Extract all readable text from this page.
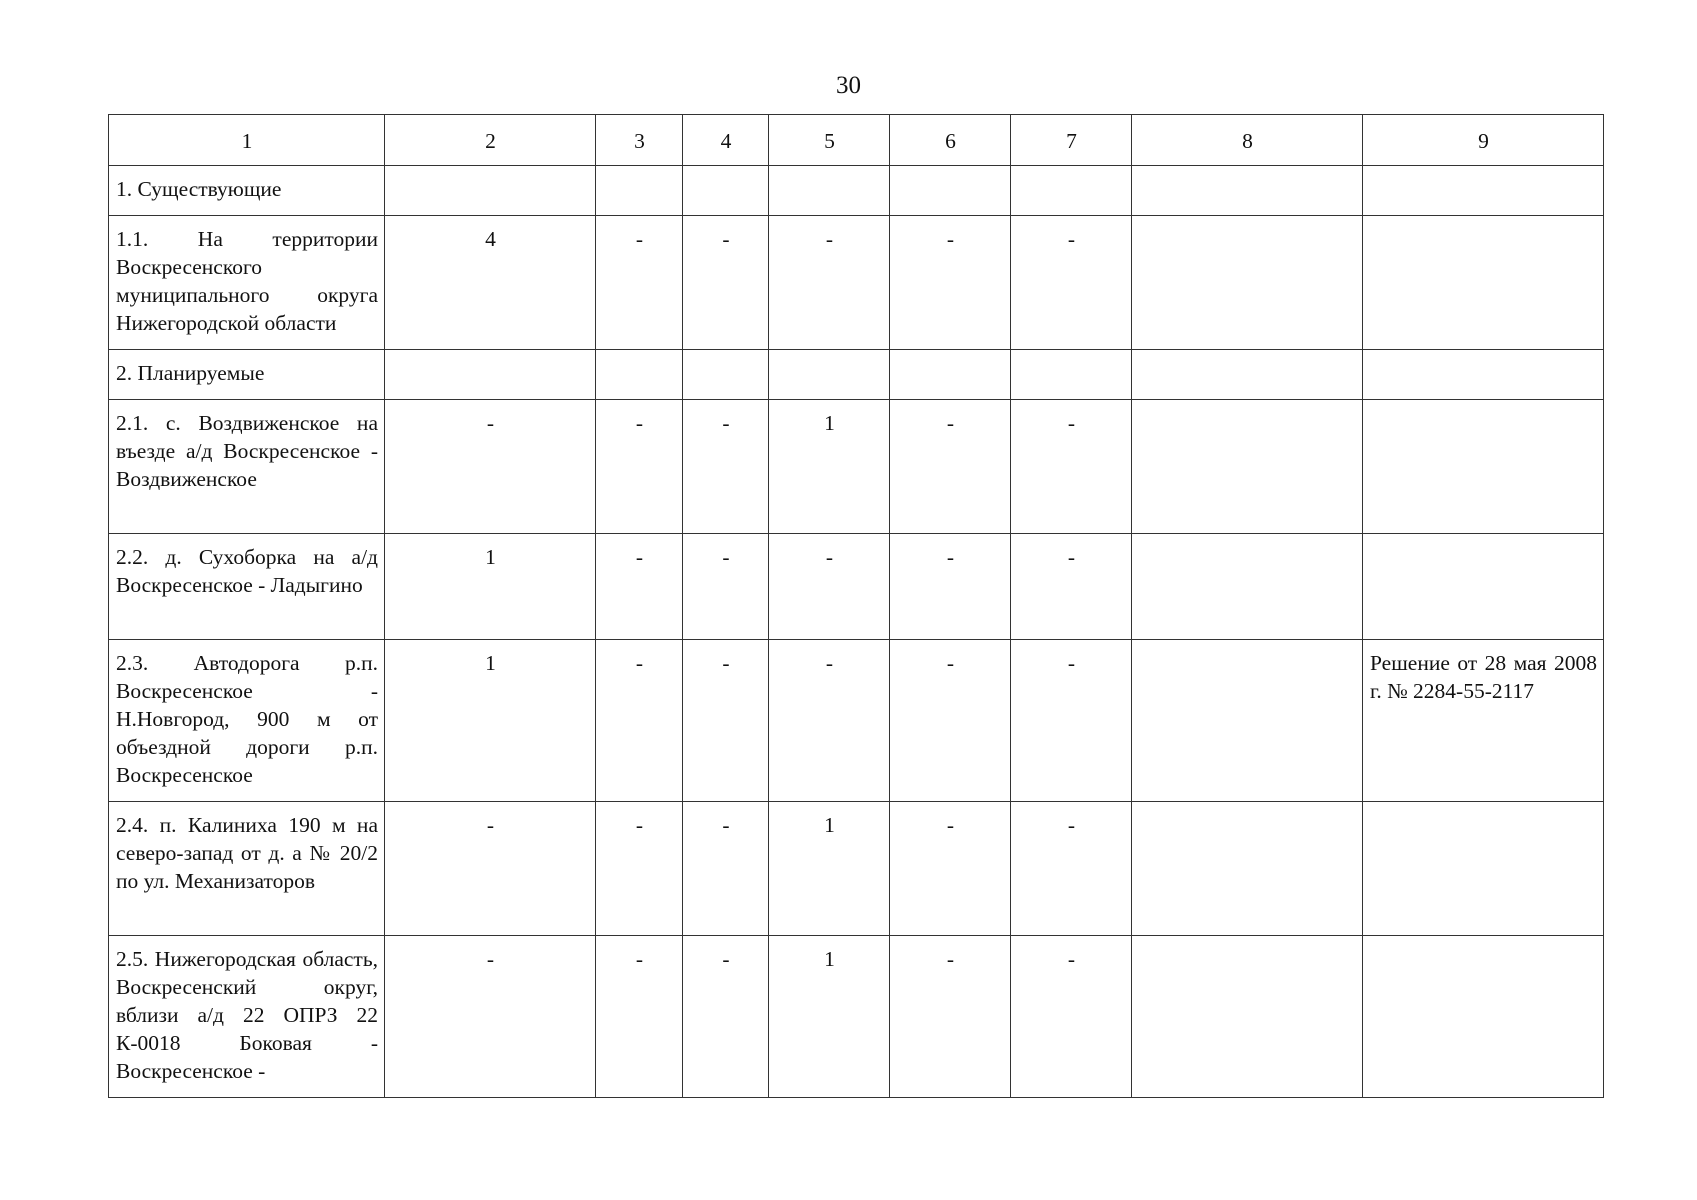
30
1	2	3	4	5	6	7	8	9
1. Существующие								
1.1. На территории Воскресенского муниципального округа Нижегородской области	4	-	-	-	-	-		
2. Планируемые								
2.1. с. Воздвиженское на въезде а/д Воскресенское - Воздвиженское	-	-	-	1	-	-		
2.2. д. Сухоборка на а/д Воскресенское - Ладыгино	1	-	-	-	-	-		
2.3. Автодорога р.п. Воскресенское - Н.Новгород, 900 м от объездной дороги р.п. Воскресенское	1	-	-	-	-	-		Решение от 28 мая 2008 г. № 2284-55-2117
2.4. п. Калиниха 190 м на северо-запад от д. а № 20/2 по ул. Механизаторов	-	-	-	1	-	-		
2.5. Нижегородская область, Воскресенский округ, вблизи а/д 22 ОПРЗ 22 К-0018 Боковая - Воскресенское -	-	-	-	1	-	-		
